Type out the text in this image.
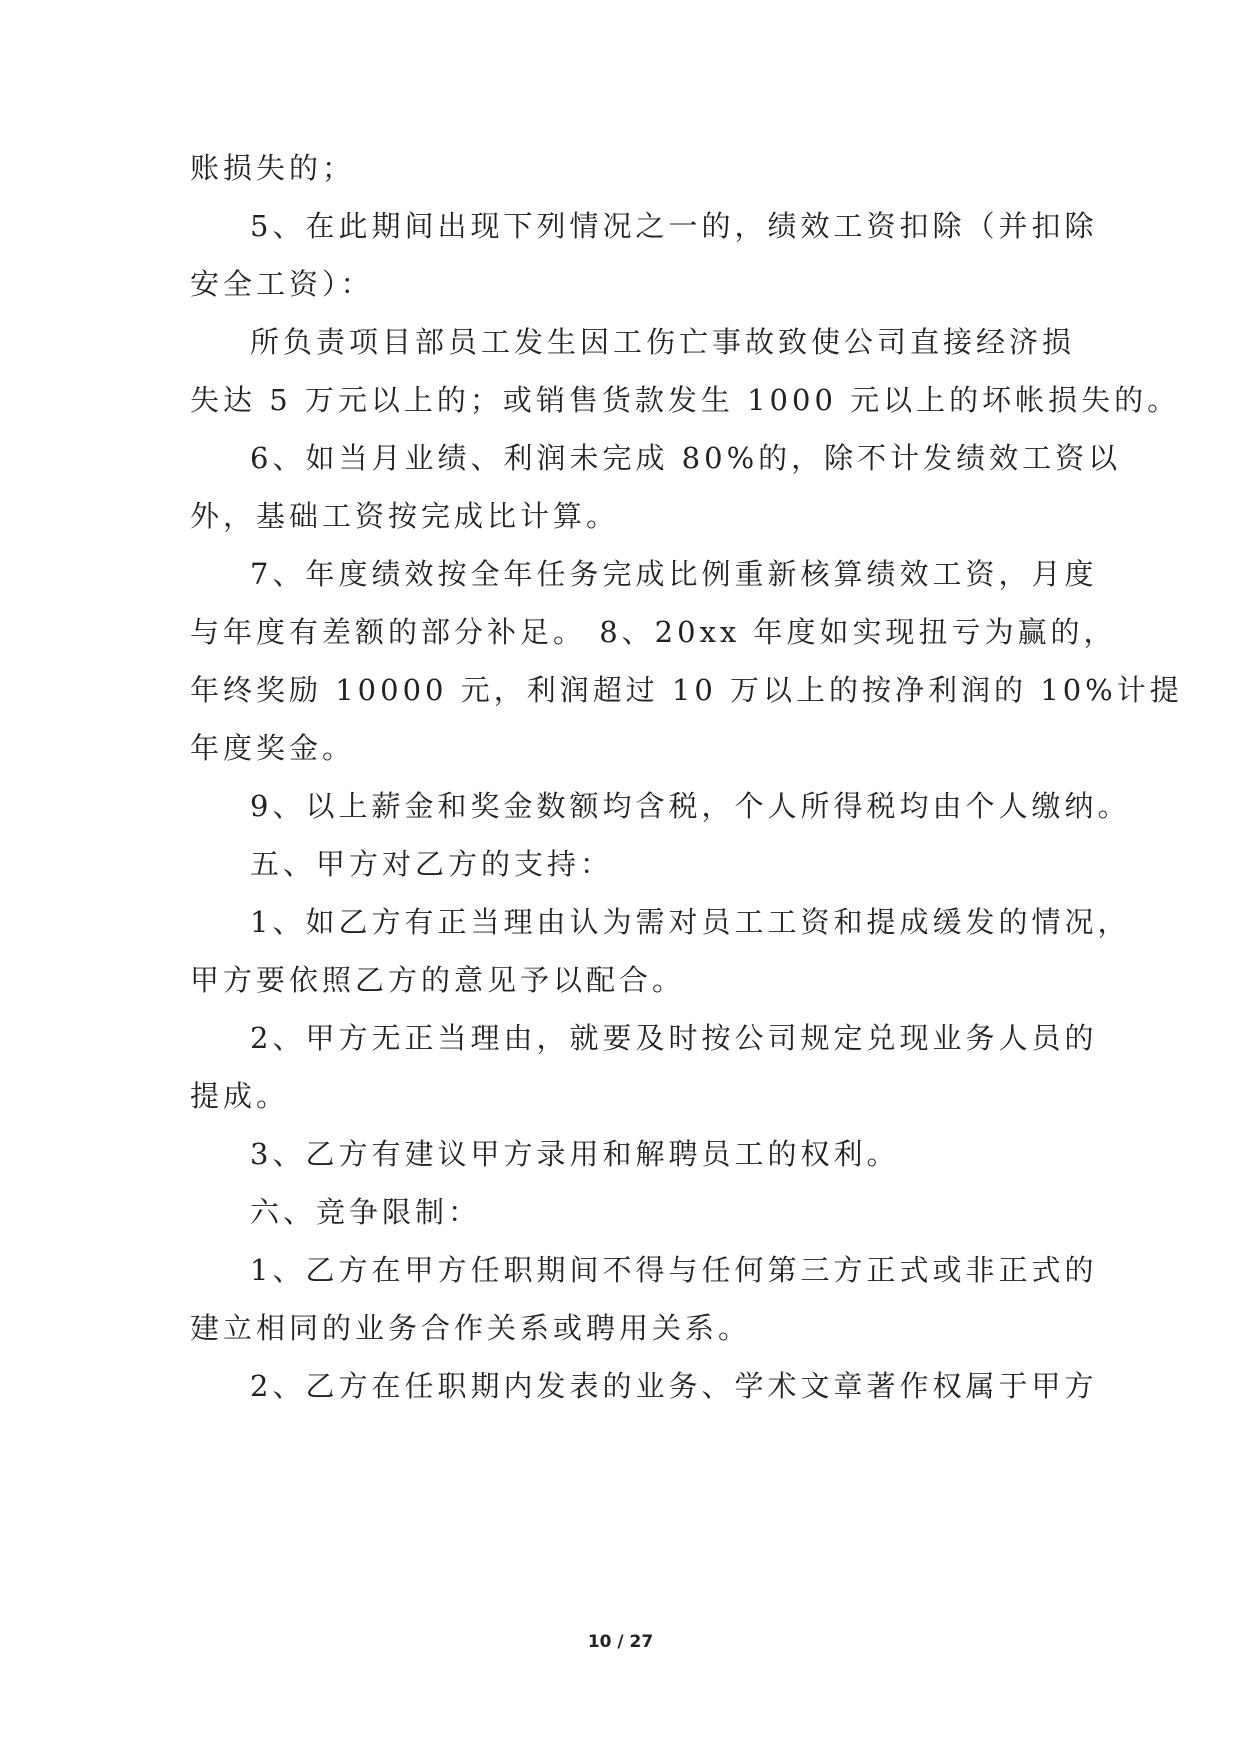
账损失的；
5、在此期间出现下列情况之一的，绩效工资扣除（并扣除
安全工资）：
所负责项目部员工发生因工伤亡事故致使公司直接经济损
失达 5 万元以上的；或销售货款发生 1000 元以上的坏帐损失的。
6、如当月业绩、利润未完成 80%的，除不计发绩效工资以
外，基础工资按完成比计算。
7、年度绩效按全年任务完成比例重新核算绩效工资，月度
与年度有差额的部分补足。 8、20xx 年度如实现扭亏为赢的，
年终奖励 10000 元，利润超过 10 万以上的按净利润的 10%计提
年度奖金。
9、以上薪金和奖金数额均含税，个人所得税均由个人缴纳。
五、甲方对乙方的支持：
1、如乙方有正当理由认为需对员工工资和提成缓发的情况，
甲方要依照乙方的意见予以配合。
2、甲方无正当理由，就要及时按公司规定兑现业务人员的
提成。
3、乙方有建议甲方录用和解聘员工的权利。
六、竞争限制：
1、乙方在甲方任职期间不得与任何第三方正式或非正式的
建立相同的业务合作关系或聘用关系。
2、乙方在任职期内发表的业务、学术文章著作权属于甲方
10 / 27
